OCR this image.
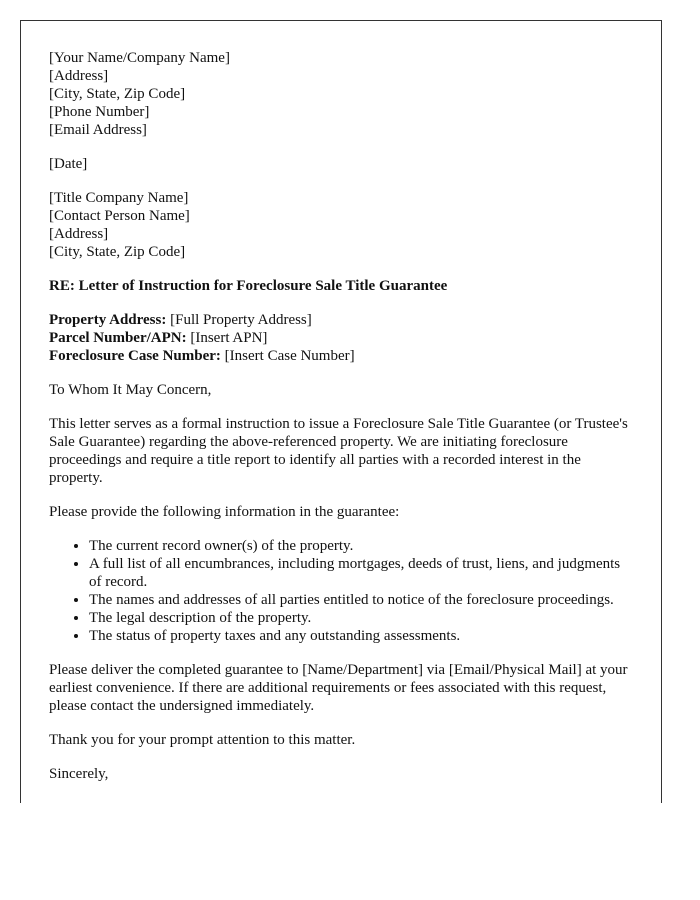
[Your Name/Company Name]
[Address]
[City, State, Zip Code]
[Phone Number]
[Email Address]

[Date]

[Title Company Name]
[Contact Person Name]
[Address]
[City, State, Zip Code]

RE: Letter of Instruction for Foreclosure Sale Title Guarantee

Property Address: [Full Property Address]
Parcel Number/APN: [Insert APN]
Foreclosure Case Number: [Insert Case Number]

To Whom It May Concern,

This letter serves as a formal instruction to issue a Foreclosure Sale Title Guarantee (or Trustee's Sale Guarantee) regarding the above-referenced property. We are initiating foreclosure proceedings and require a title report to identify all parties with a recorded interest in the property.

Please provide the following information in the guarantee:

• The current record owner(s) of the property.
• A full list of all encumbrances, including mortgages, deeds of trust, liens, and judgments of record.
• The names and addresses of all parties entitled to notice of the foreclosure proceedings.
• The legal description of the property.
• The status of property taxes and any outstanding assessments.

Please deliver the completed guarantee to [Name/Department] via [Email/Physical Mail] at your earliest convenience. If there are additional requirements or fees associated with this request, please contact the undersigned immediately.

Thank you for your prompt attention to this matter.

Sincerely,
